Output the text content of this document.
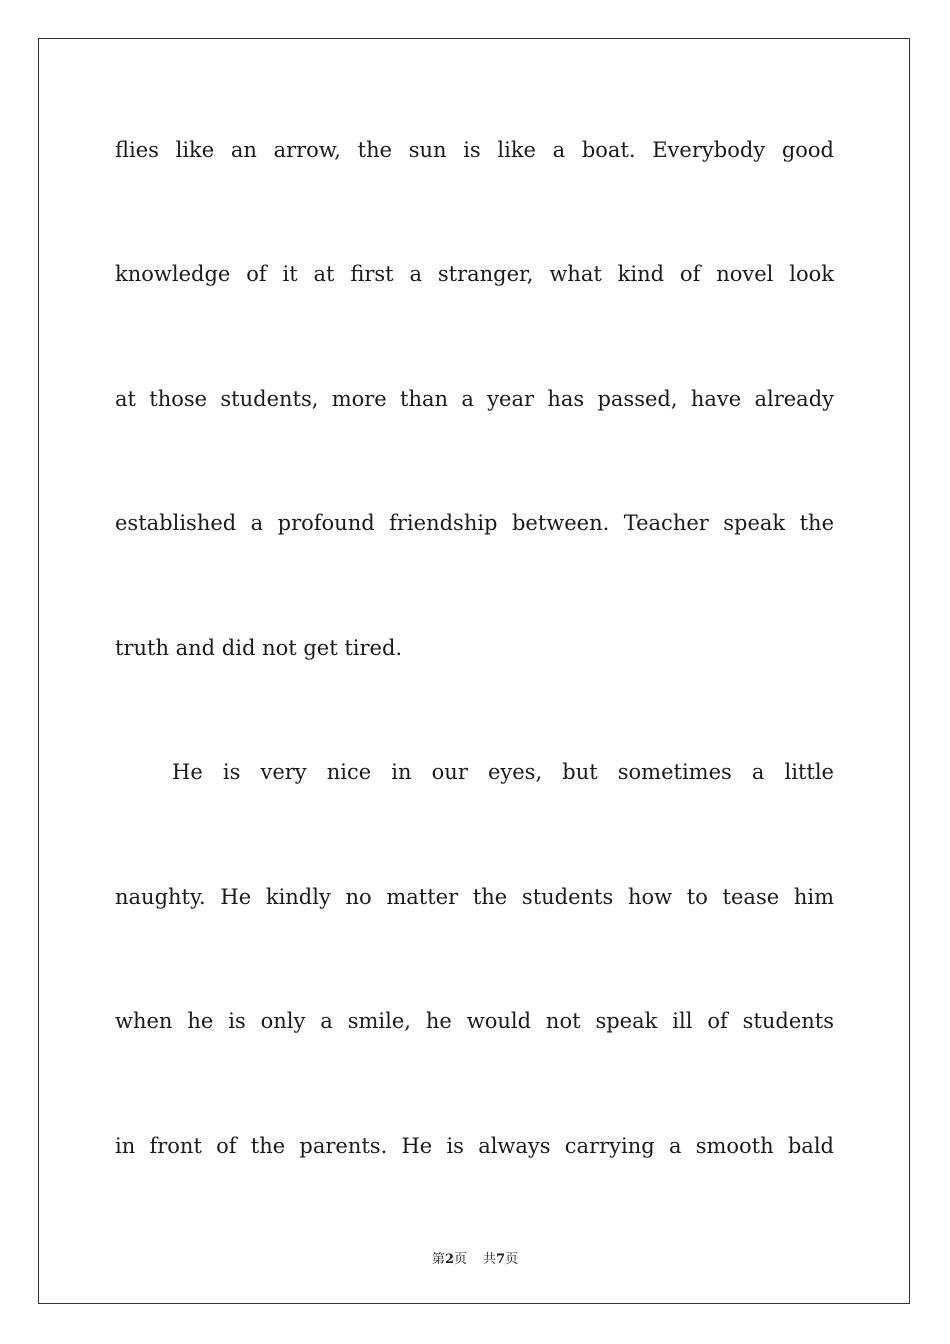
flies like an arrow, the sun is like a boat. Everybody good
knowledge of it at first a stranger, what kind of novel look
at those students, more than a year has passed, have already
established a profound friendship between. Teacher speak the
truth and did not get tired.
He is very nice in our eyes, but sometimes a little
naughty. He kindly no matter the students how to tease him
when he is only a smile, he would not speak ill of students
in front of the parents. He is always carrying a smooth bald
第2页 共7页
